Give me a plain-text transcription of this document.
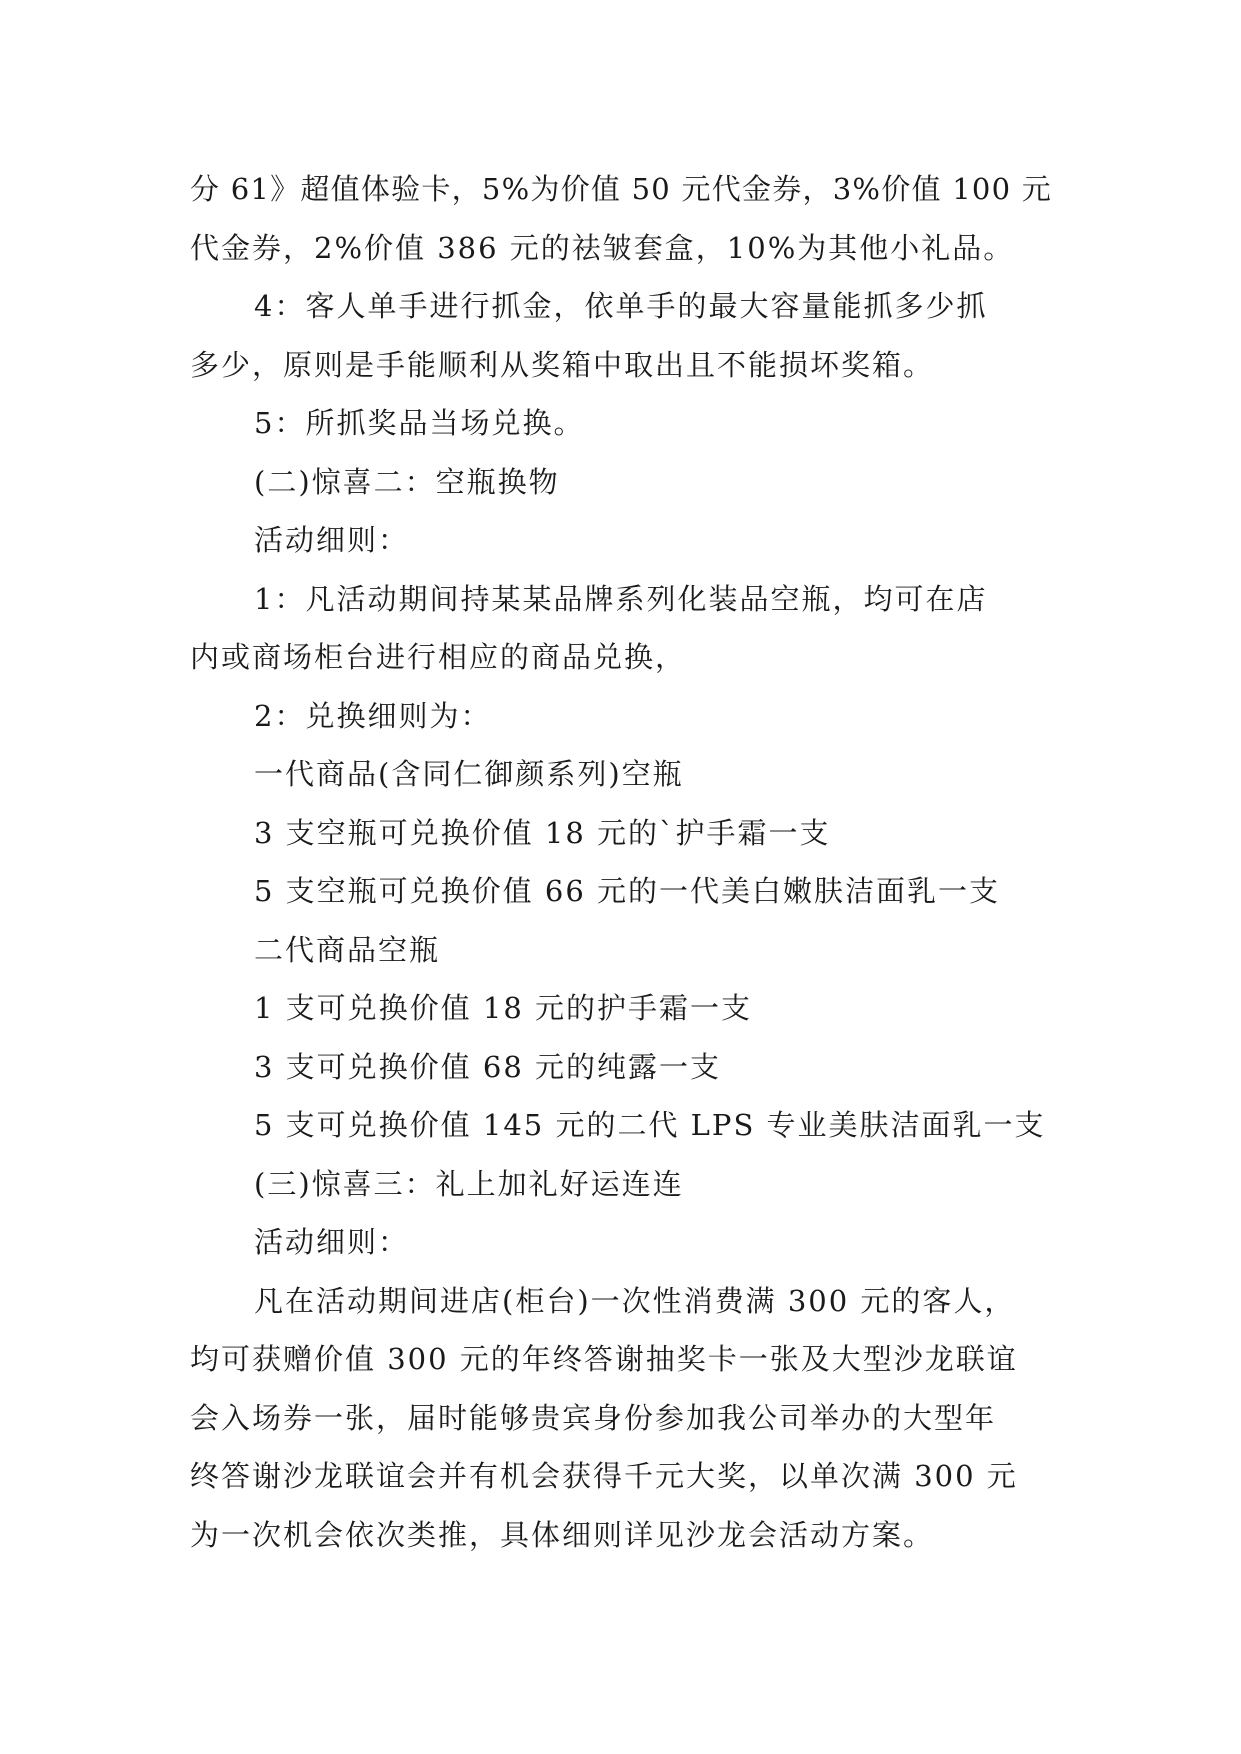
分 61》超值体验卡，5%为价值 50 元代金券，3%价值 100 元
代金券，2%价值 386 元的祛皱套盒，10%为其他小礼品。
4：客人单手进行抓金，依单手的最大容量能抓多少抓
多少，原则是手能顺利从奖箱中取出且不能损坏奖箱。
5：所抓奖品当场兑换。
(二)惊喜二：空瓶换物
活动细则：
1：凡活动期间持某某品牌系列化装品空瓶，均可在店
内或商场柜台进行相应的商品兑换，
2：兑换细则为：
一代商品(含同仁御颜系列)空瓶
3 支空瓶可兑换价值 18 元的`护手霜一支
5 支空瓶可兑换价值 66 元的一代美白嫩肤洁面乳一支
二代商品空瓶
1 支可兑换价值 18 元的护手霜一支
3 支可兑换价值 68 元的纯露一支
5 支可兑换价值 145 元的二代 LPS 专业美肤洁面乳一支
(三)惊喜三：礼上加礼好运连连
活动细则：
凡在活动期间进店(柜台)一次性消费满 300 元的客人，
均可获赠价值 300 元的年终答谢抽奖卡一张及大型沙龙联谊
会入场券一张，届时能够贵宾身份参加我公司举办的大型年
终答谢沙龙联谊会并有机会获得千元大奖，以单次满 300 元
为一次机会依次类推，具体细则详见沙龙会活动方案。
